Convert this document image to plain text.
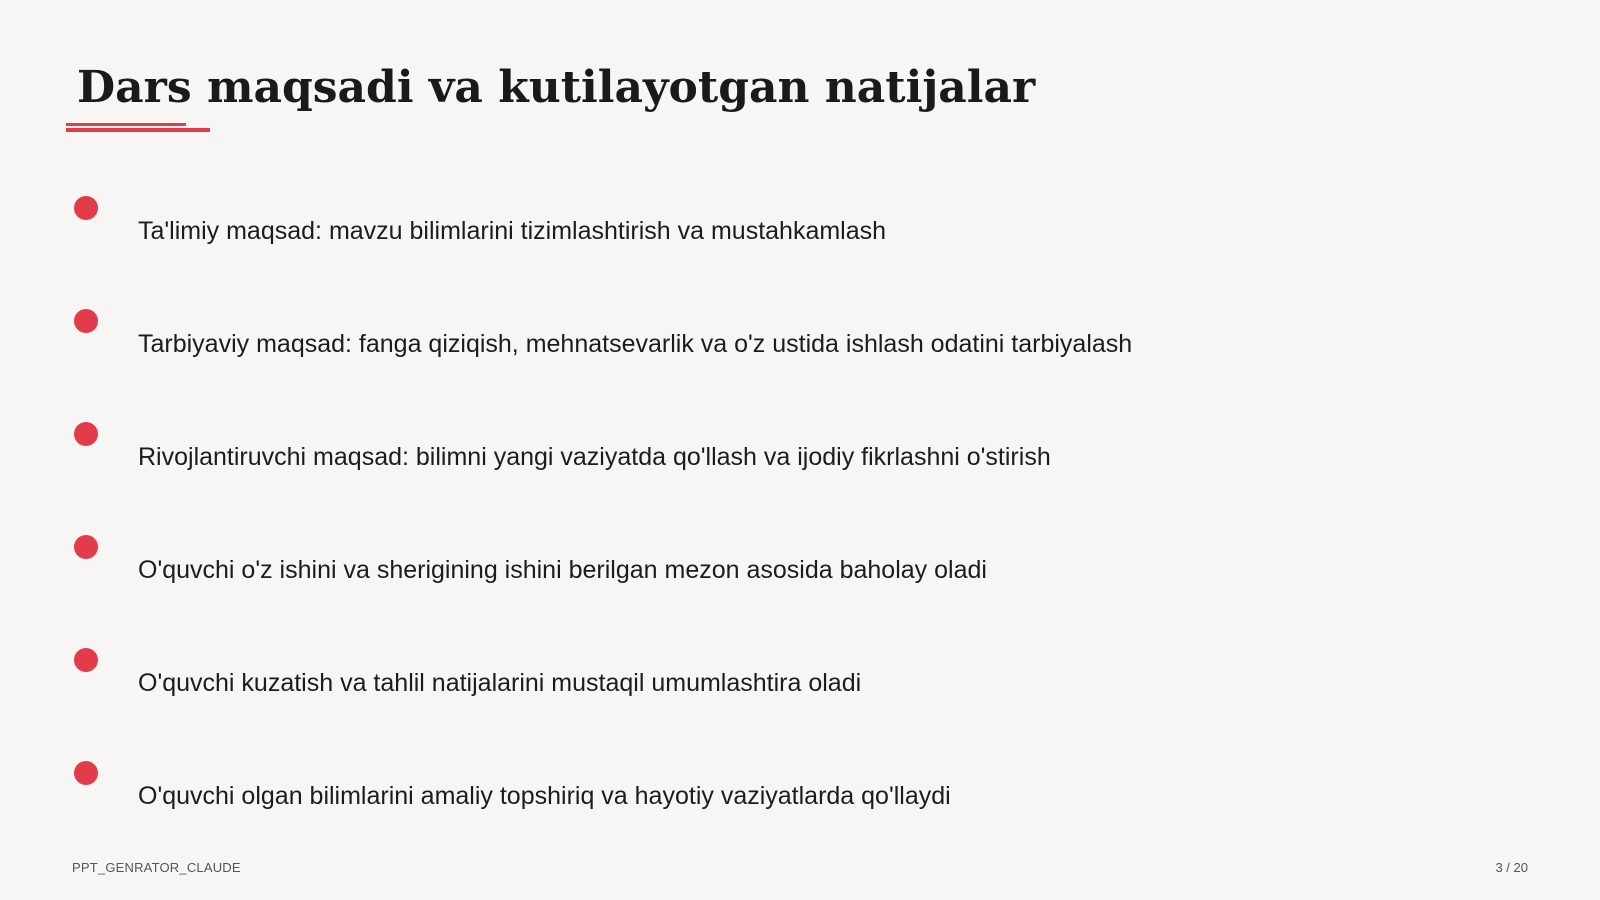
Dars maqsadi va kutilayotgan natijalar
Ta'limiy maqsad: mavzu bilimlarini tizimlashtirish va mustahkamlash
Tarbiyaviy maqsad: fanga qiziqish, mehnatsevarlik va o'z ustida ishlash odatini tarbiyalash
Rivojlantiruvchi maqsad: bilimni yangi vaziyatda qo'llash va ijodiy fikrlashni o'stirish
O'quvchi o'z ishini va sherigining ishini berilgan mezon asosida baholay oladi
O'quvchi kuzatish va tahlil natijalarini mustaqil umumlashtira oladi
O'quvchi olgan bilimlarini amaliy topshiriq va hayotiy vaziyatlarda qo'llaydi
PPT_GENRATOR_CLAUDE	3 / 20
